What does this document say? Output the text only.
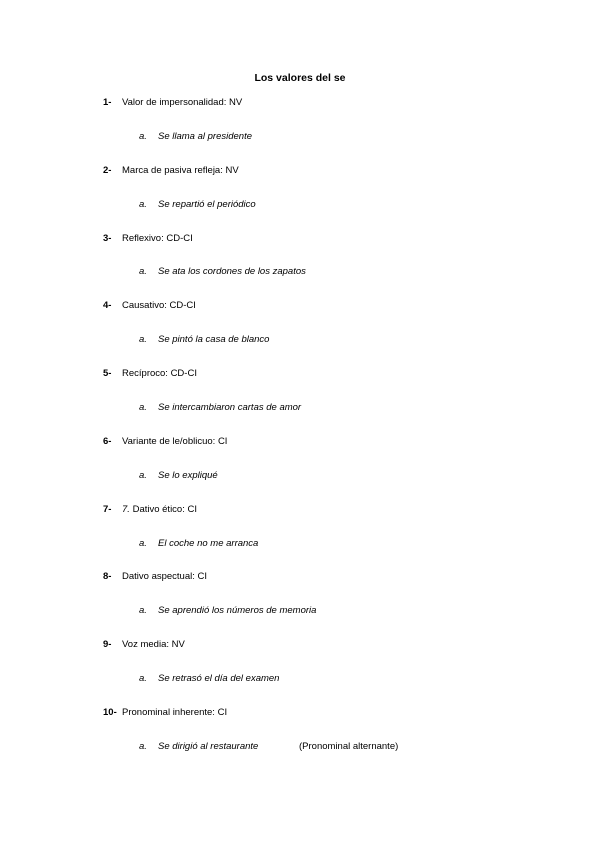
Los valores del se
1- Valor de impersonalidad: NV
a. Se llama al presidente
2- Marca de pasiva refleja: NV
a. Se repartió el periódico
3- Reflexivo: CD-CI
a. Se ata los cordones de los zapatos
4- Causativo: CD-CI
a. Se pintó la casa de blanco
5- Recíproco: CD-CI
a. Se intercambiaron cartas de amor
6- Variante de le/oblicuo: CI
a. Se lo expliqué
7- 7. Dativo ético: CI
a. El coche no me arranca
8- Dativo aspectual: CI
a. Se aprendió los números de memoria
9- Voz media: NV
a. Se retrasó el día del examen
10- Pronominal inherente: CI
a. Se dirigió al restaurante	(Pronominal alternante)
